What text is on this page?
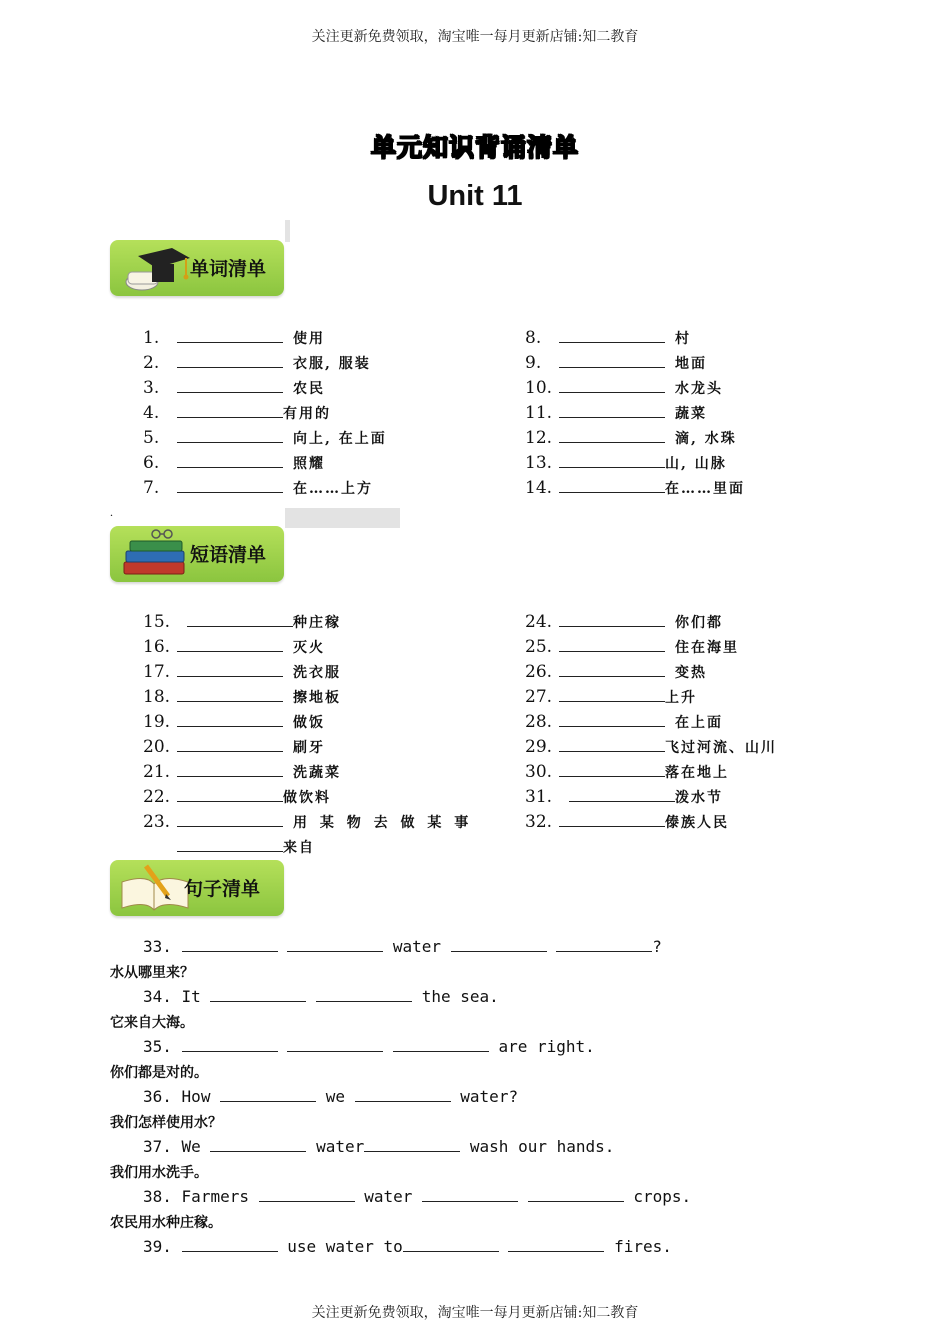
关注更新免费领取，淘宝唯一每月更新店铺:知二教育
单元知识背诵清单
Unit 11
单词清单
1.	使用
2.	衣服, 服装
3.	农民
4.	有用的
5.	向上, 在上面
6.	照耀
7.	在……上方
8.	村
9.	地面
10.	水龙头
11.	蔬菜
12.	滴, 水珠
13.	山, 山脉
14.	在……里面
.
短语清单
15.	种庄稼
16.	灭火
17.	洗衣服
18.	擦地板
19.	做饭
20.	刷牙
21.	洗蔬菜
22.	做饮料
23.	用 某 物 去 做 某 事
来自
24.	你们都
25.	住在海里
26.	变热
27.	上升
28.	在上面
29.	飞过河流、山川
30.	落在地上
31.	泼水节
32.	傣族人民
句子清单
33.	water	?
水从哪里来？
34. It	the sea.
它来自大海。
35.	are right.
你们都是对的。
36. How	we	water?
我们怎样使用水？
37. We	water	wash our hands.
我们用水洗手。
38. Farmers	water	crops.
农民用水种庄稼。
39.	use water to	fires.
关注更新免费领取，淘宝唯一每月更新店铺:知二教育
